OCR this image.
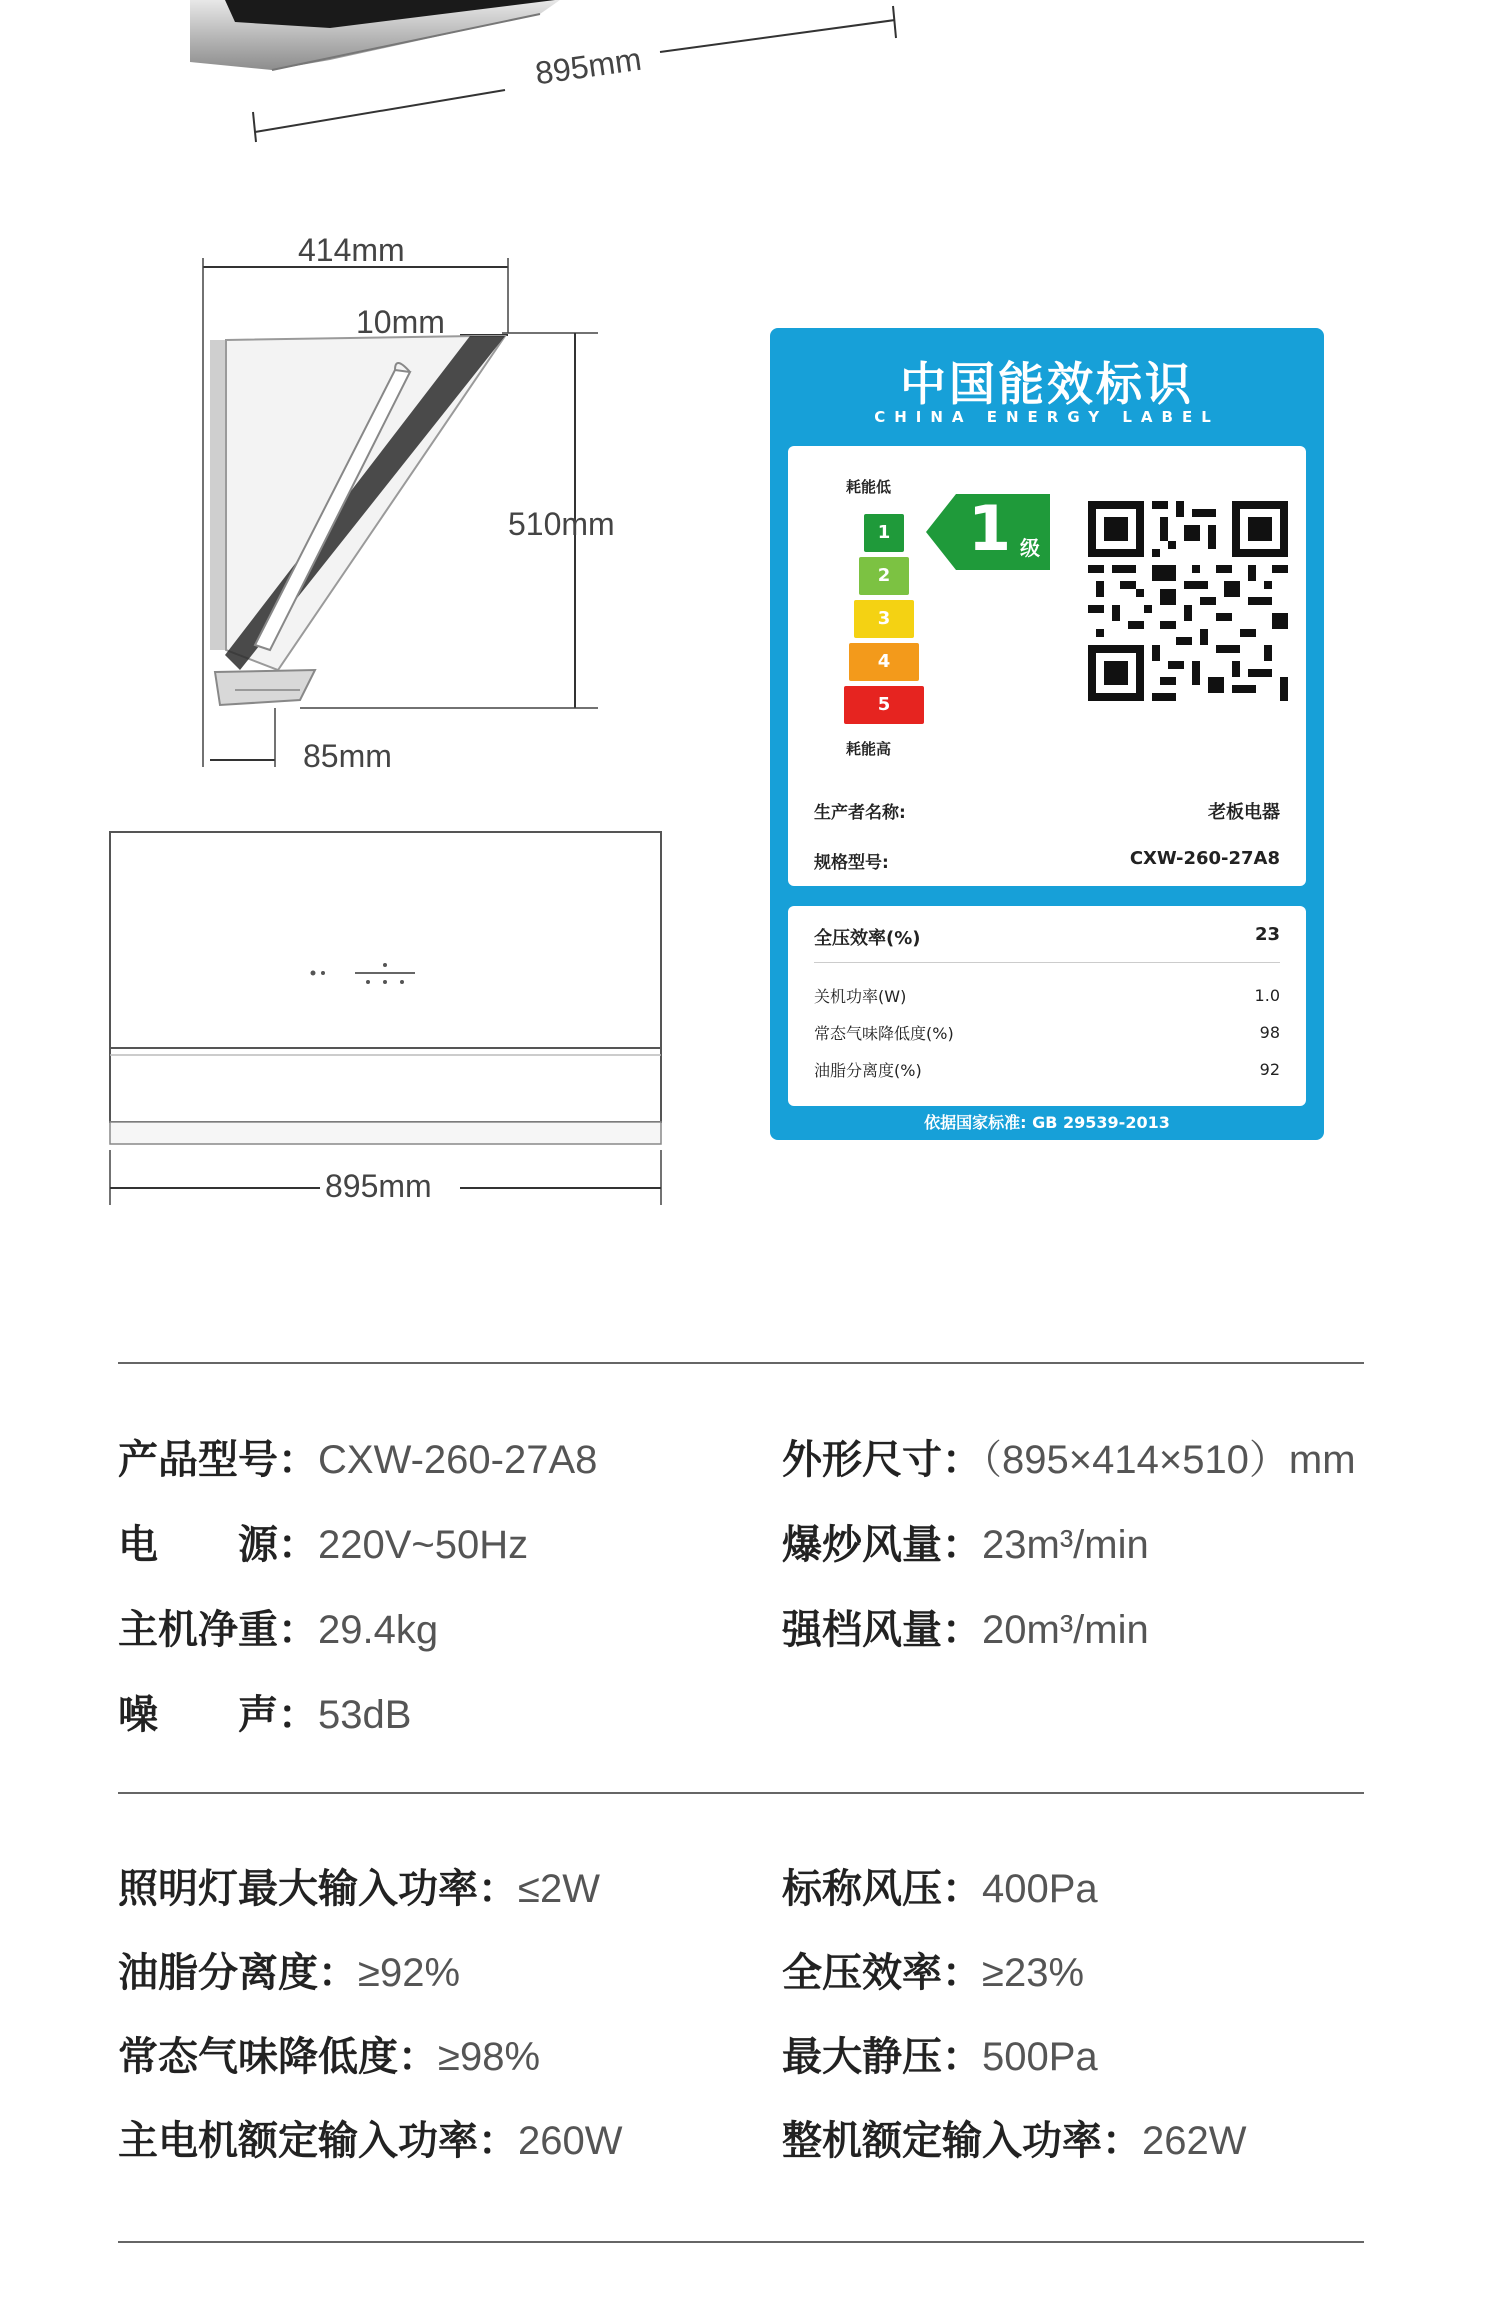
895mm
414mm
10mm
510mm
85mm
895mm
中国能效标识
CHINA ENERGY LABEL
耗能低
1
2
3
4
5
耗能高
1 级
生产者名称:	老板电器
规格型号:	CXW-260-27A8
全压效率(%)	23
关机功率(W)	1.0
常态气味降低度(%)	98
油脂分离度(%)	92
依据国家标准: GB 29539-2013
产品型号：CXW-260-27A8	外形尺寸：（895×414×510）mm
电　　源：220V~50Hz	爆炒风量：23m³/min
主机净重：29.4kg	强档风量：20m³/min
噪　　声：53dB
照明灯最大输入功率：≤2W	标称风压：400Pa
油脂分离度：≥92%	全压效率：≥23%
常态气味降低度：≥98%	最大静压：500Pa
主电机额定输入功率：260W	整机额定输入功率：262W
